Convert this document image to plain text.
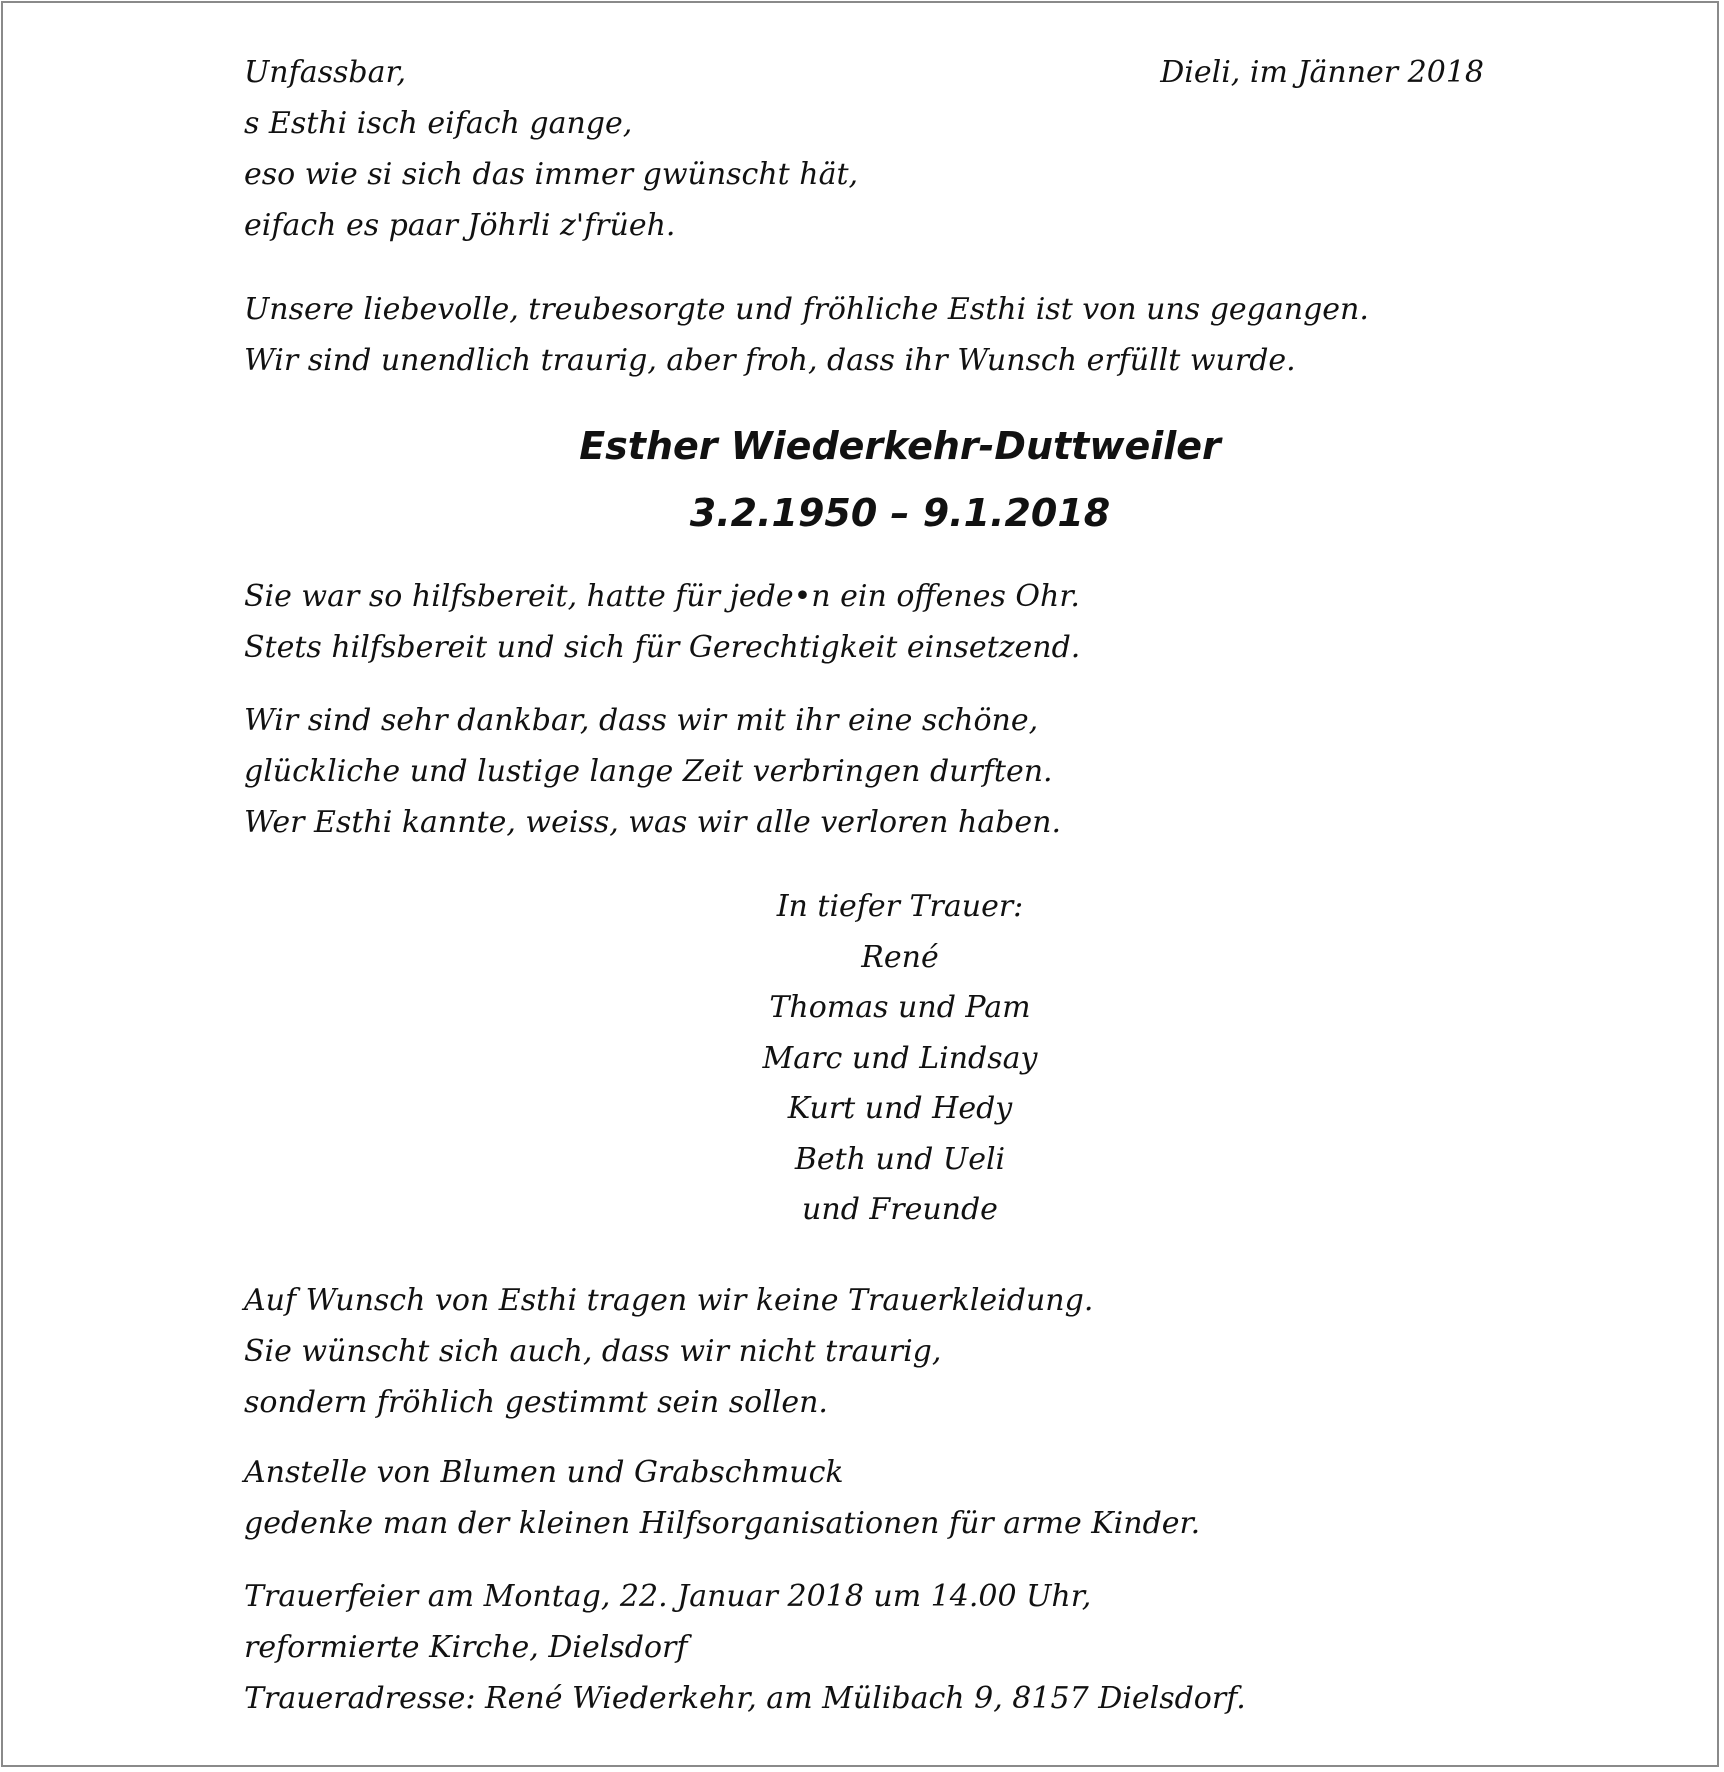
Unfassbar,
s Esthi isch eifach gange,
eso wie si sich das immer gwünscht hät,
eifach es paar Jöhrli z'früeh.
Dieli, im Jänner 2018
Unsere liebevolle, treubesorgte und fröhliche Esthi ist von uns gegangen.
Wir sind unendlich traurig, aber froh, dass ihr Wunsch erfüllt wurde.
Esther Wiederkehr-Duttweiler
3.2.1950 – 9.1.2018
Sie war so hilfsbereit, hatte für jede•n ein offenes Ohr.
Stets hilfsbereit und sich für Gerechtigkeit einsetzend.
Wir sind sehr dankbar, dass wir mit ihr eine schöne,
glückliche und lustige lange Zeit verbringen durften.
Wer Esthi kannte, weiss, was wir alle verloren haben.
In tiefer Trauer:
René
Thomas und Pam
Marc und Lindsay
Kurt und Hedy
Beth und Ueli
und Freunde
Auf Wunsch von Esthi tragen wir keine Trauerkleidung.
Sie wünscht sich auch, dass wir nicht traurig,
sondern fröhlich gestimmt sein sollen.
Anstelle von Blumen und Grabschmuck
gedenke man der kleinen Hilfsorganisationen für arme Kinder.
Trauerfeier am Montag, 22. Januar 2018 um 14.00 Uhr,
reformierte Kirche, Dielsdorf
Traueradresse: René Wiederkehr, am Mülibach 9, 8157 Dielsdorf.
